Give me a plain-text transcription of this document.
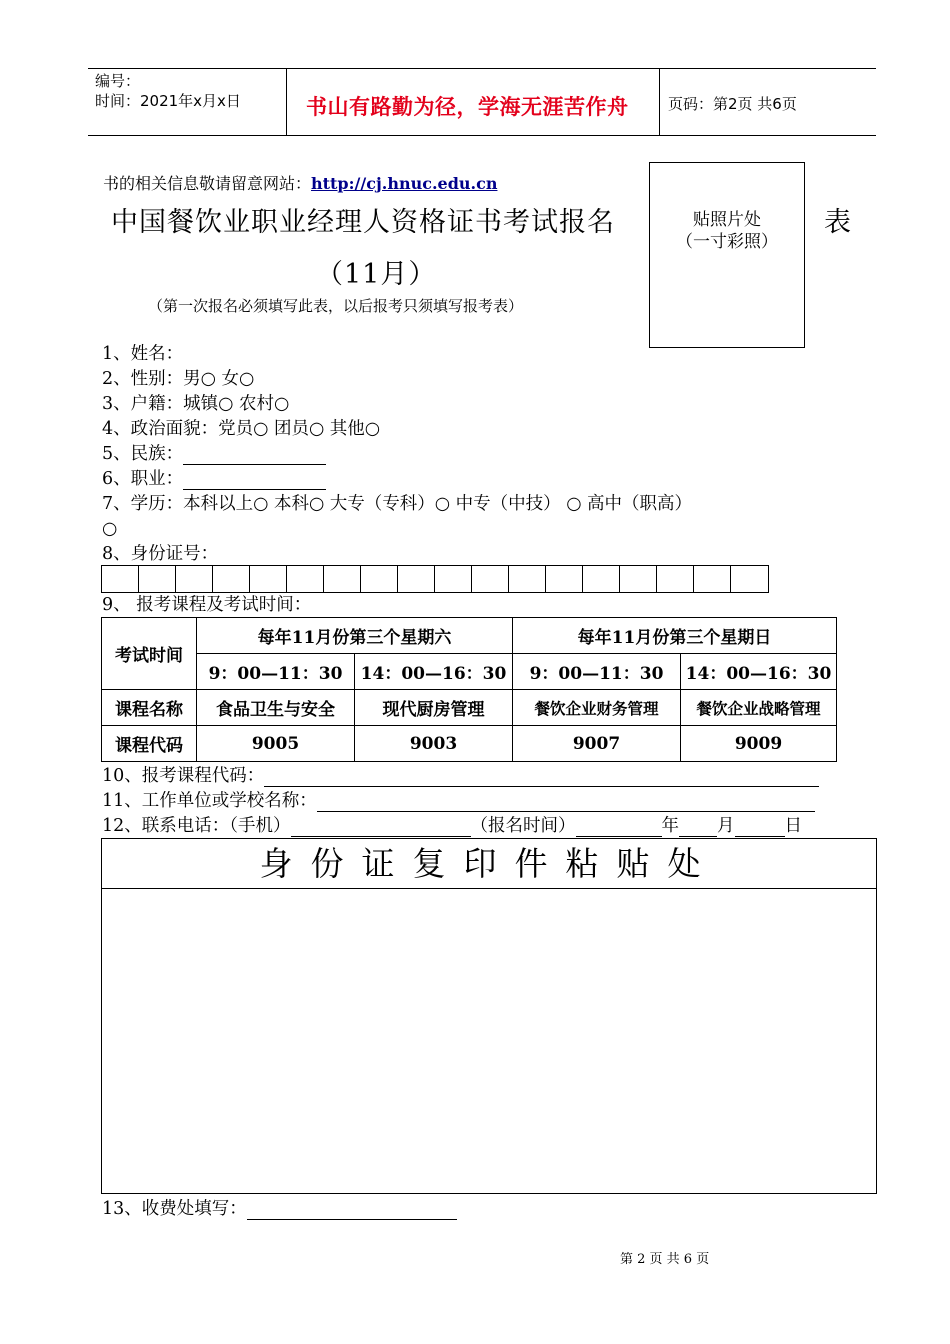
编号：
时间：2021年x月x日	书山有路勤为径，学海无涯苦作舟	页码：第2页 共6页
书的相关信息敬请留意网站：http://cj.hnuc.edu.cn
中国餐饮业职业经理人资格证书考试报名	表
（11月）
（第一次报名必须填写此表，以后报考只须填写报考表）
贴照片处
（一寸彩照）
1、姓名：
2、性别：男○ 女○
3、户籍：城镇○ 农村○
4、政治面貌：党员○ 团员○ 其他○
5、民族：
6、职业：
7、学历：本科以上○ 本科○ 大专（专科）○ 中专（中技） ○ 高中（职高）
○
8、身份证号：
9、 报考课程及考试时间：
考试时间	每年11月份第三个星期六		每年11月份第三个星期日	
	9：00—11：30	14：00—16：30	9：00—11：30	14：00—16：30
课程名称	食品卫生与安全	现代厨房管理	餐饮企业财务管理	餐饮企业战略管理
课程代码	9005	9003	9007	9009
10、报考课程代码：
11、工作单位或学校名称：
12、联系电话：（手机）	（报名时间）	年 月	日
身份证复印件粘贴处
13、收费处填写：
第 2 页 共 6 页
